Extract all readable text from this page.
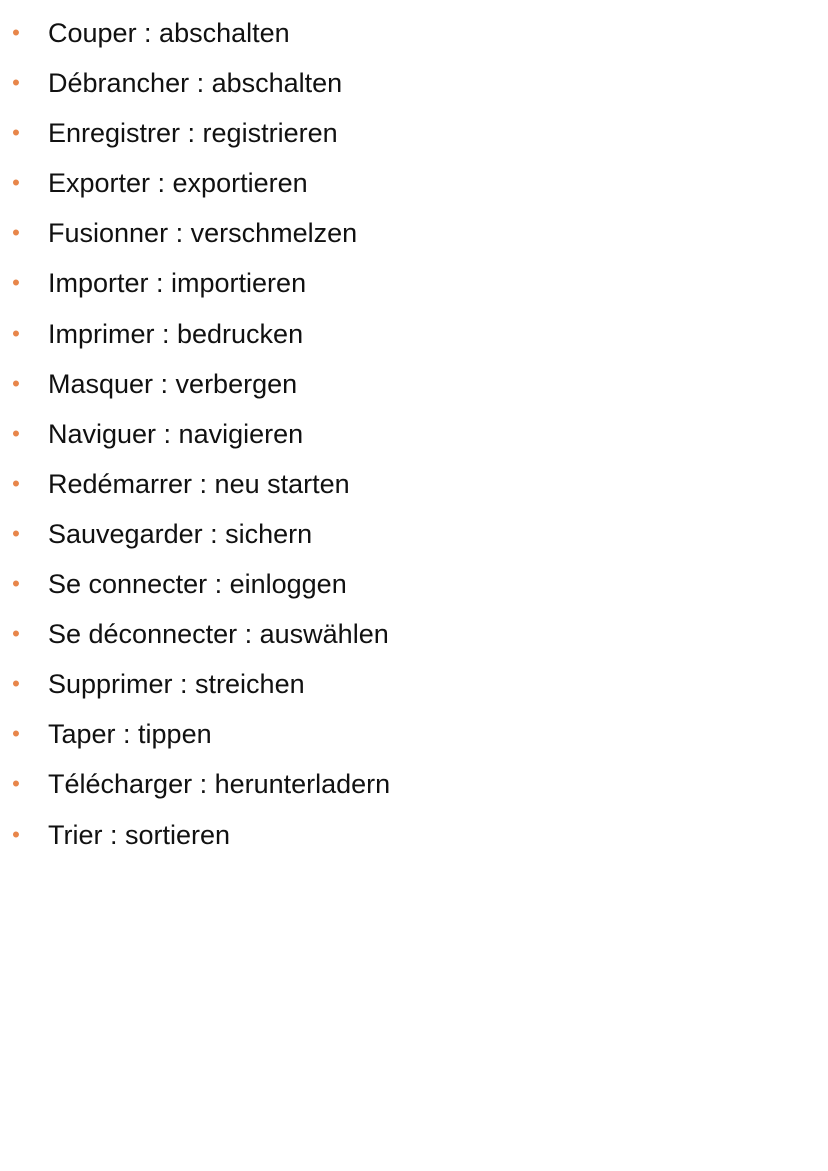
• Couper : abschalten
• Débrancher : abschalten
• Enregistrer : registrieren
• Exporter : exportieren
• Fusionner : verschmelzen
• Importer : importieren
• Imprimer : bedrucken
• Masquer : verbergen
• Naviguer : navigieren
• Redémarrer : neu starten
• Sauvegarder : sichern
• Se connecter : einloggen
• Se déconnecter : auswählen
• Supprimer : streichen
• Taper : tippen
• Télécharger : herunterladern
• Trier : sortieren
